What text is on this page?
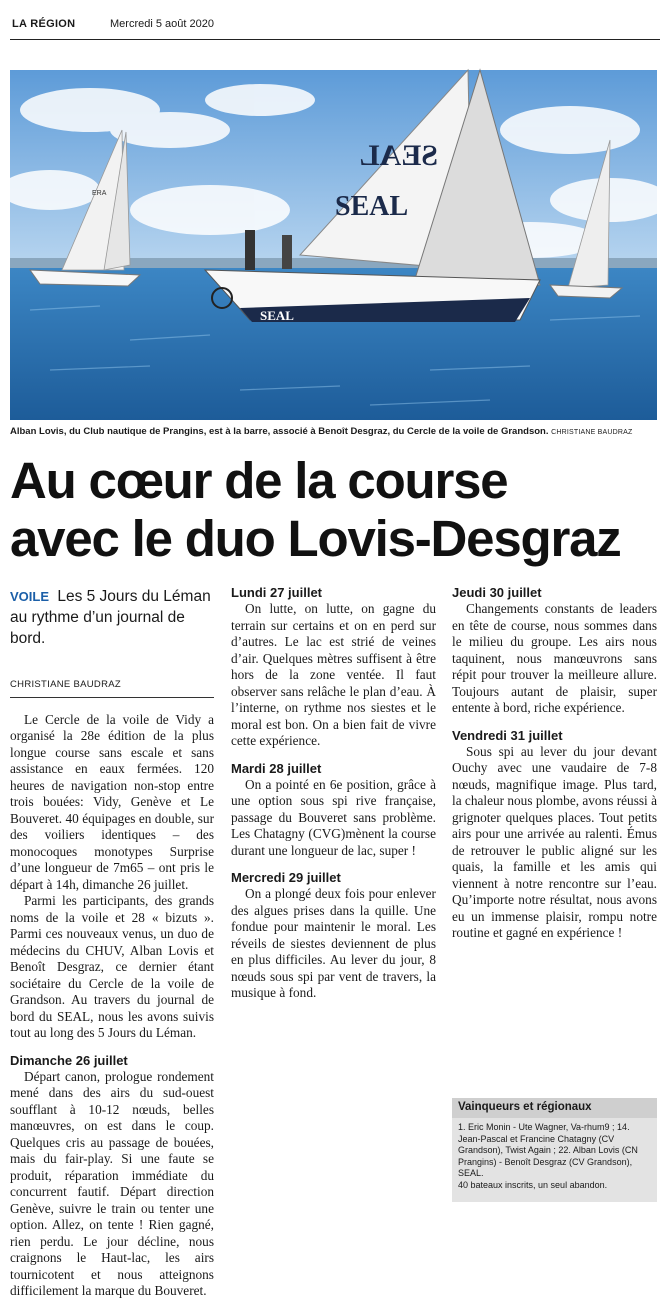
LA RÉGION	Mercredi 5 août 2020
ERA
SEAL
SEAL
SEAL
Alban Lovis, du Club nautique de Prangins, est à la barre, associé à Benoît Desgraz, du Cercle de la voile de Grandson. CHRISTIANE BAUDRAZ
Au cœur de la course
avec le duo Lovis-Desgraz
VOILE Les 5 Jours du Léman au rythme d’un journal de bord.
CHRISTIANE BAUDRAZ

Le Cercle de la voile de Vidy a organisé la 28e édition de la plus longue course sans escale et sans assistance en eaux fermées. 120 heures de navigation non-stop entre trois bouées: Vidy, Genève et Le Bouveret. 40 équipages en double, sur des voiliers identiques – des monocoques monotypes Surprise d’une longueur de 7m65 – ont pris le départ à 14h, dimanche 26 juillet.

Parmi les participants, des grands noms de la voile et 28 « bizuts ». Parmi ces nouveaux venus, un duo de médecins du CHUV, Alban Lovis et Benoît Desgraz, ce dernier étant sociétaire du Cercle de la voile de Grandson. Au travers du journal de bord du SEAL, nous les avons suivis tout au long des 5 Jours du Léman.

Dimanche 26 juillet

Départ canon, prologue rondement mené dans des airs du sud-ouest soufflant à 10-12 nœuds, belles manœuvres, on est dans le coup. Quelques cris au passage de bouées, mais du fair-play. Si une faute se produit, réparation immédiate du concurrent fautif. Départ direction Genève, suivre le train ou tenter une option. Allez, on tente ! Rien gagné, rien perdu. Le jour décline, nous craignons le Haut-lac, les airs tournicotent et nous atteignons difficilement la marque du Bouveret.

Lundi 27 juillet

On lutte, on lutte, on gagne du terrain sur certains et on en perd sur d’autres. Le lac est strié de veines d’air. Quelques mètres suffisent à être hors de la zone ventée. Il faut observer sans relâche le plan d’eau. À l’interne, on rythme nos siestes et le moral est bon. On a bien fait de vivre cette expérience.

Mardi 28 juillet

On a pointé en 6e position, grâce à une option sous spi rive française, passage du Bouveret sans problème. Les Chatagny (CVG)mènent la course durant une longueur de lac, super !

Mercredi 29 juillet

On a plongé deux fois pour enlever des algues prises dans la quille. Une fondue pour maintenir le moral. Les réveils de siestes deviennent de plus en plus difficiles. Au lever du jour, 8 nœuds sous spi par vent de travers, la musique à fond.

Jeudi 30 juillet

Changements constants de leaders en tête de course, nous sommes dans le milieu du groupe. Les airs nous taquinent, nous manœuvrons sans répit pour trouver la meilleure allure. Toujours autant de plaisir, super entente à bord, riche expérience.

Vendredi 31 juillet

Sous spi au lever du jour devant Ouchy avec une vaudaire de 7-8 nœuds, magnifique image. Plus tard, la chaleur nous plombe, avons réussi à grignoter quelques places. Tout petits airs pour une arrivée au ralenti. Émus de retrouver le public aligné sur les quais, la famille et les amis qui viennent à notre rencontre sur l’eau. Qu’importe notre résultat, nous avons eu un immense plaisir, rompu notre routine et gagné en expérience !

Vainqueurs et régionaux
1. Eric Monin - Ute Wagner, Va-rhum9 ; 14. Jean-Pascal et Francine Chatagny (CV Grandson), Twist Again ; 22. Alban Lovis (CN Prangins) - Benoît Desgraz (CV Grandson), SEAL.
40 bateaux inscrits, un seul abandon.
